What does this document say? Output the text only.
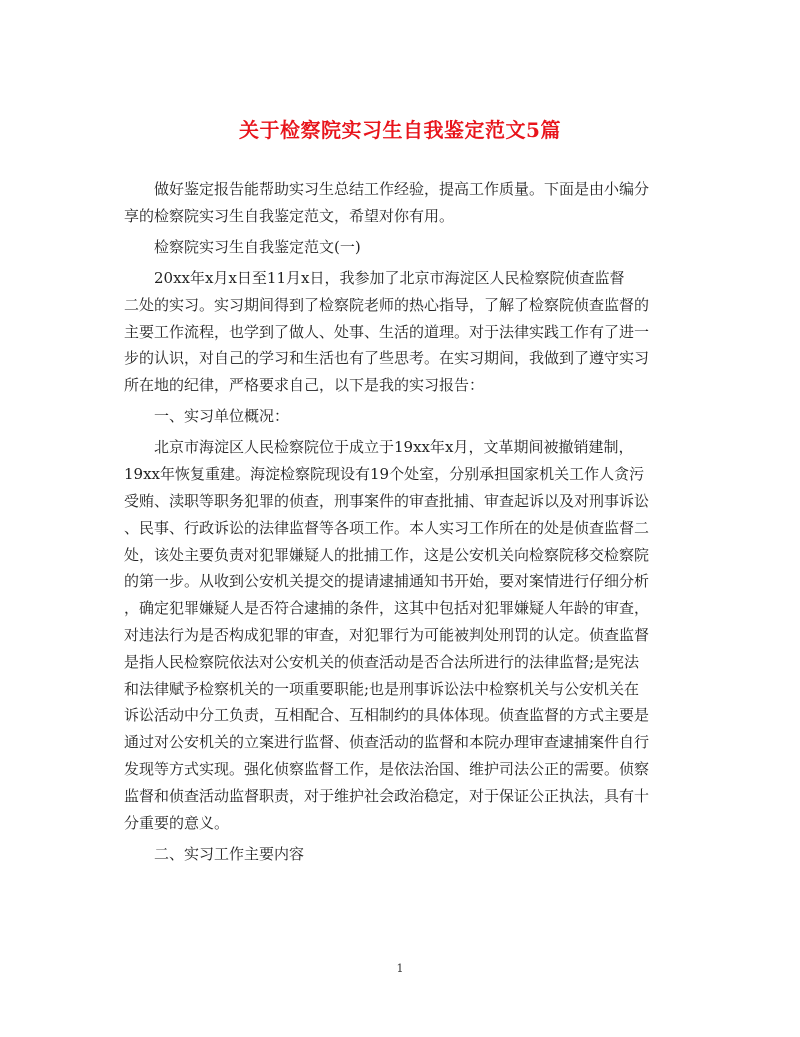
关于检察院实习生自我鉴定范文5篇
做好鉴定报告能帮助实习生总结工作经验，提高工作质量。下面是由小编分
享的检察院实习生自我鉴定范文，希望对你有用。
检察院实习生自我鉴定范文(一)
20xx年x月x日至11月x日，我参加了北京市海淀区人民检察院侦查监督
二处的实习。实习期间得到了检察院老师的热心指导，了解了检察院侦查监督的
主要工作流程，也学到了做人、处事、生活的道理。对于法律实践工作有了进一
步的认识，对自己的学习和生活也有了些思考。在实习期间，我做到了遵守实习
所在地的纪律，严格要求自己，以下是我的实习报告：
一、实习单位概况：
北京市海淀区人民检察院位于成立于19xx年x月，文革期间被撤销建制，
19xx年恢复重建。海淀检察院现设有19个处室，分别承担国家机关工作人贪污
受贿、渎职等职务犯罪的侦查，刑事案件的审查批捕、审查起诉以及对刑事诉讼
、民事、行政诉讼的法律监督等各项工作。本人实习工作所在的处是侦查监督二
处，该处主要负责对犯罪嫌疑人的批捕工作，这是公安机关向检察院移交检察院
的第一步。从收到公安机关提交的提请逮捕通知书开始，要对案情进行仔细分析
，确定犯罪嫌疑人是否符合逮捕的条件，这其中包括对犯罪嫌疑人年龄的审查，
对违法行为是否构成犯罪的审查，对犯罪行为可能被判处刑罚的认定。侦查监督
是指人民检察院依法对公安机关的侦查活动是否合法所进行的法律监督;是宪法
和法律赋予检察机关的一项重要职能;也是刑事诉讼法中检察机关与公安机关在
诉讼活动中分工负责，互相配合、互相制约的具体体现。侦查监督的方式主要是
通过对公安机关的立案进行监督、侦查活动的监督和本院办理审查逮捕案件自行
发现等方式实现。强化侦察监督工作，是依法治国、维护司法公正的需要。侦察
监督和侦查活动监督职责，对于维护社会政治稳定，对于保证公正执法，具有十
分重要的意义。
二、实习工作主要内容
1
